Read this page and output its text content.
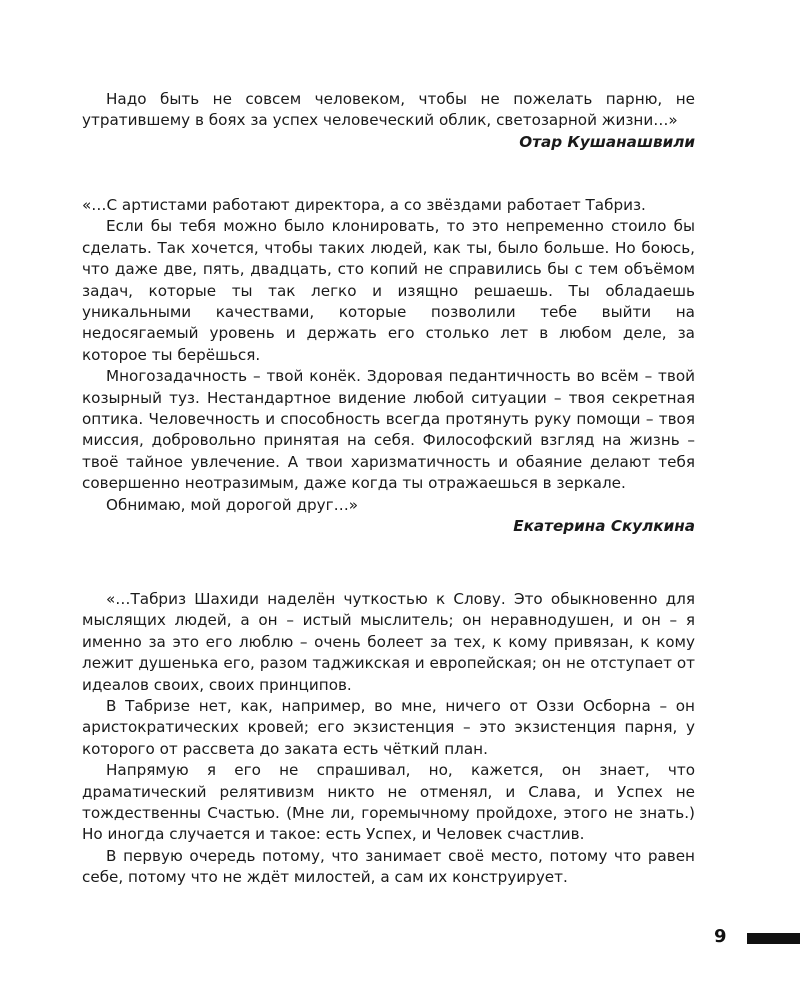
Надо быть не совсем человеком, чтобы не пожелать парню, не утратившему в боях за успех человеческий облик, светозарной жизни…»

Отар Кушанашвили

«…С артистами работают директора, а со звёздами работает Табриз.

Если бы тебя можно было клонировать, то это непременно стоило бы сделать. Так хочется, чтобы таких людей, как ты, было больше. Но боюсь, что даже две, пять, двадцать, сто копий не справились бы с тем объёмом задач, которые ты так легко и изящно решаешь. Ты обладаешь уникальными качествами, которые позволили тебе выйти на недосягаемый уровень и держать его столько лет в любом деле, за которое ты берёшься.

Многозадачность – твой конёк. Здоровая педантичность во всём – твой козырный туз. Нестандартное видение любой ситуации – твоя секретная оптика. Человечность и способность всегда протянуть руку помощи – твоя миссия, добровольно принятая на себя. Философский взгляд на жизнь – твоё тайное увлечение. А твои харизматичность и обаяние делают тебя совершенно неотразимым, даже когда ты отражаешься в зеркале.

Обнимаю, мой дорогой друг…»

Екатерина Скулкина

«…Табриз Шахиди наделён чуткостью к Слову. Это обыкновенно для мыслящих людей, а он – истый мыслитель; он неравнодушен, и он – я именно за это его люблю – очень болеет за тех, к кому привязан, к кому лежит душенька его, разом таджикская и европейская; он не отступает от идеалов своих, своих принципов.

В Табризе нет, как, например, во мне, ничего от Оззи Осборна – он аристократических кровей; его экзистенция – это экзистенция парня, у которого от рассвета до заката есть чёткий план.

Напрямую я его не спрашивал, но, кажется, он знает, что драматический релятивизм никто не отменял, и Слава, и Успех не тождественны Счастью. (Мне ли, горемычному пройдохе, этого не знать.) Но иногда случается и такое: есть Успех, и Человек счастлив.

В первую очередь потому, что занимает своё место, потому что равен себе, потому что не ждёт милостей, а сам их конструирует.

9
